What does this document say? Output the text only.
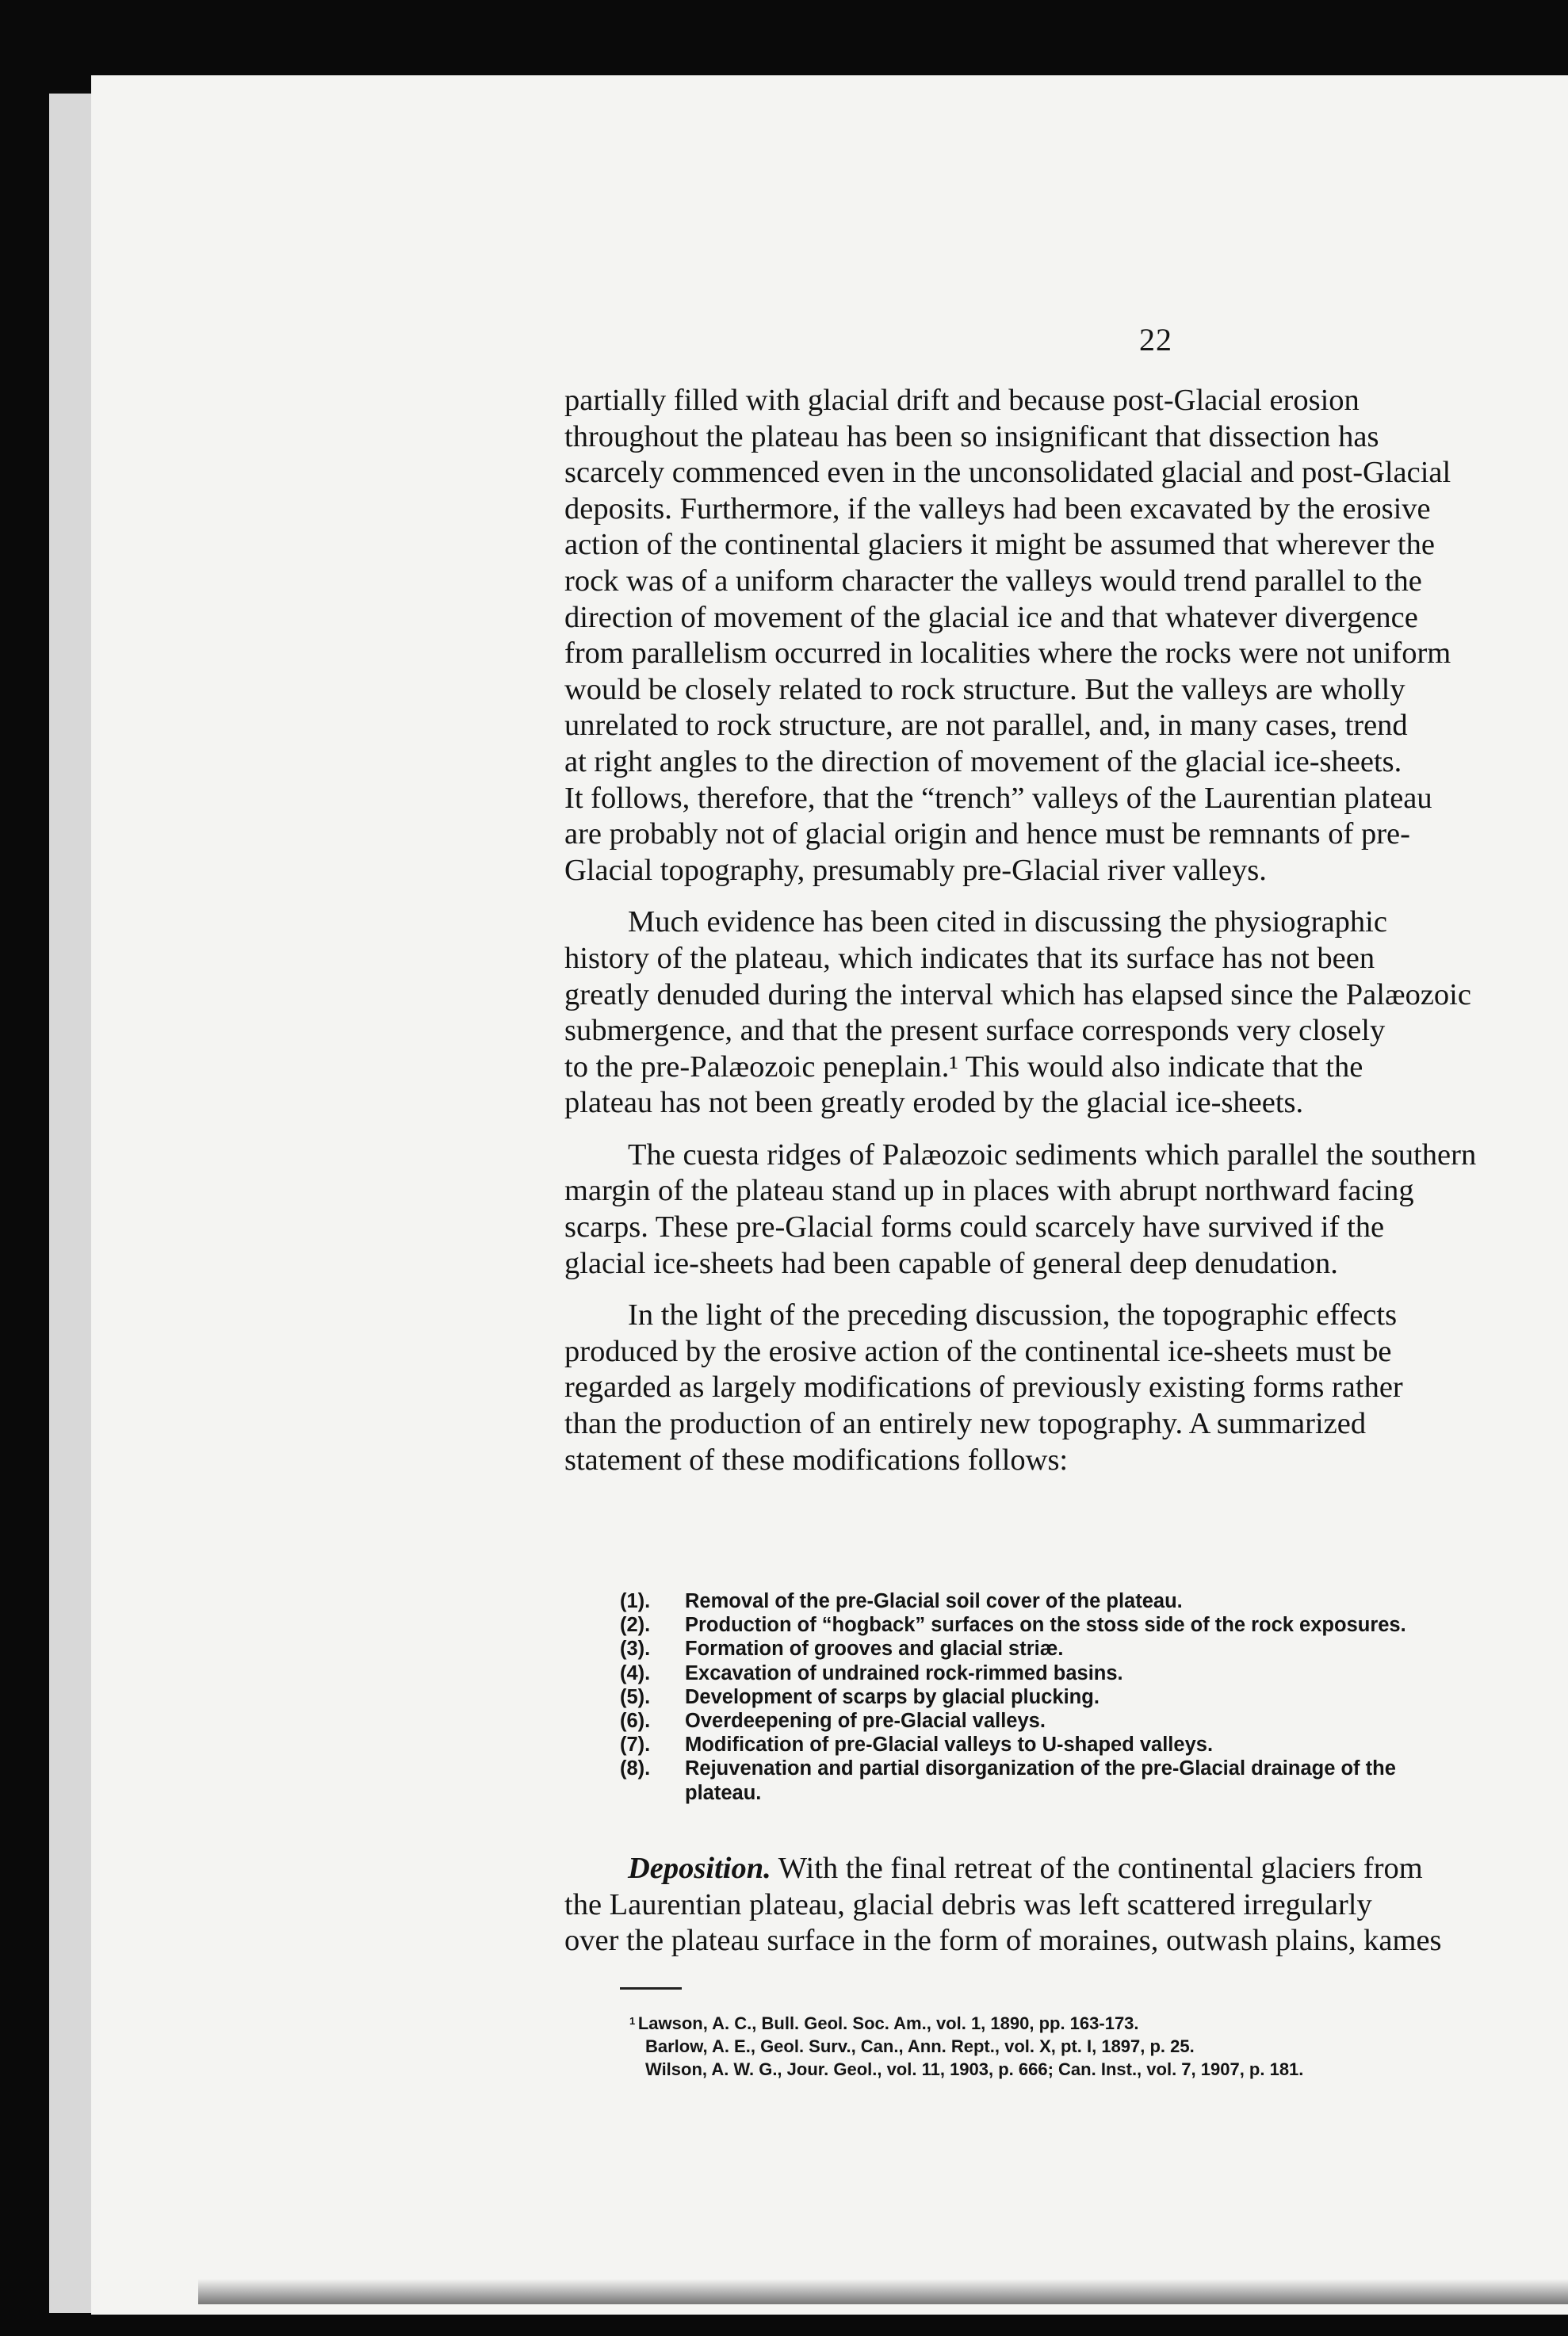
22

partially filled with glacial drift and because post-Glacial erosion
throughout the plateau has been so insignificant that dissection has
scarcely commenced even in the unconsolidated glacial and post-Glacial
deposits. Furthermore, if the valleys had been excavated by the erosive
action of the continental glaciers it might be assumed that wherever the
rock was of a uniform character the valleys would trend parallel to the
direction of movement of the glacial ice and that whatever divergence
from parallelism occurred in localities where the rocks were not uniform
would be closely related to rock structure. But the valleys are wholly
unrelated to rock structure, are not parallel, and, in many cases, trend
at right angles to the direction of movement of the glacial ice-sheets.
It follows, therefore, that the “trench” valleys of the Laurentian plateau
are probably not of glacial origin and hence must be remnants of pre-
Glacial topography, presumably pre-Glacial river valleys.

Much evidence has been cited in discussing the physiographic
history of the plateau, which indicates that its surface has not been
greatly denuded during the interval which has elapsed since the Palæozoic
submergence, and that the present surface corresponds very closely
to the pre-Palæozoic peneplain.¹ This would also indicate that the
plateau has not been greatly eroded by the glacial ice-sheets.

The cuesta ridges of Palæozoic sediments which parallel the southern
margin of the plateau stand up in places with abrupt northward facing
scarps. These pre-Glacial forms could scarcely have survived if the
glacial ice-sheets had been capable of general deep denudation.

In the light of the preceding discussion, the topographic effects
produced by the erosive action of the continental ice-sheets must be
regarded as largely modifications of previously existing forms rather
than the production of an entirely new topography. A summarized
statement of these modifications follows:

(1). Removal of the pre-Glacial soil cover of the plateau.
(2). Production of “hogback” surfaces on the stoss side of the rock exposures.
(3). Formation of grooves and glacial striæ.
(4). Excavation of undrained rock-rimmed basins.
(5). Development of scarps by glacial plucking.
(6). Overdeepening of pre-Glacial valleys.
(7). Modification of pre-Glacial valleys to U-shaped valleys.
(8). Rejuvenation and partial disorganization of the pre-Glacial drainage of the
plateau.

Deposition. With the final retreat of the continental glaciers from
the Laurentian plateau, glacial debris was left scattered irregularly
over the plateau surface in the form of moraines, outwash plains, kames

$^1$ Lawson, A. C., Bull. Geol. Soc. Am., vol. 1, 1890, pp. 163-173.
Barlow, A. E., Geol. Surv., Can., Ann. Rept., vol. X, pt. I, 1897, p. 25.
Wilson, A. W. G., Jour. Geol., vol. 11, 1903, p. 666; Can. Inst., vol. 7, 1907, p. 181.
